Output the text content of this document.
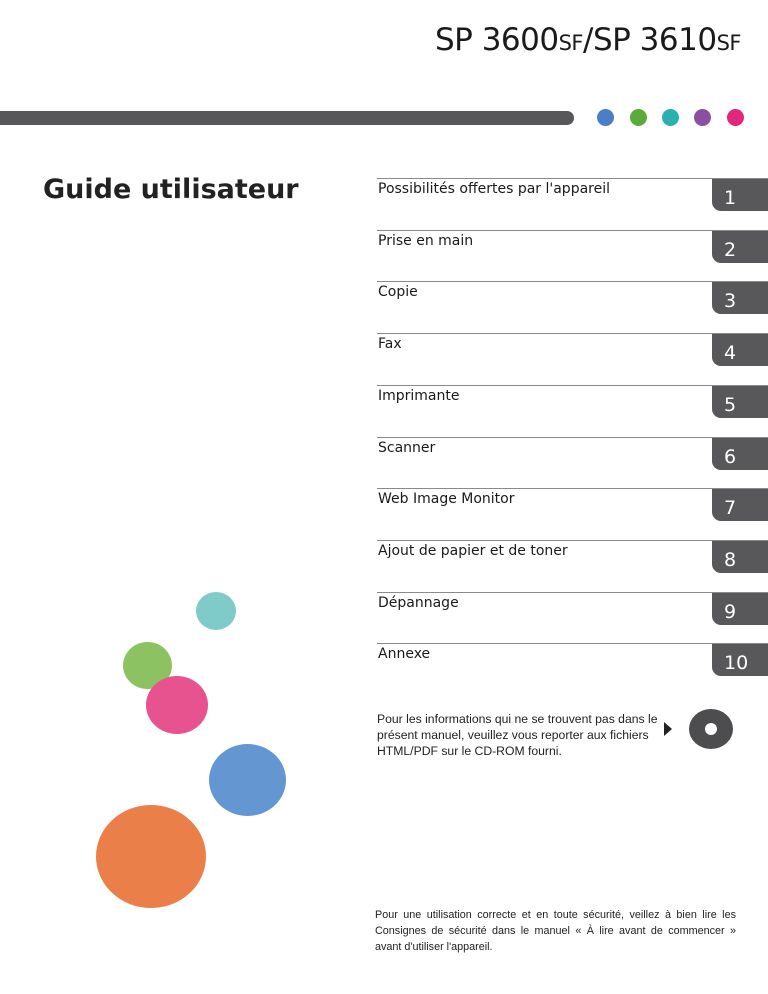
SP 3600SF/SP 3610SF
Guide utilisateur	Possibilités offertes par l'appareil	1
Prise en main	2
Copie	3
Fax	4
Imprimante	5
Scanner	6
Web Image Monitor	7
Ajout de papier et de toner	8
Dépannage	9
Annexe	10
Pour les informations qui ne se trouvent pas dans le présent manuel, veuillez vous reporter aux fichiers HTML/PDF sur le CD-ROM fourni.
Pour une utilisation correcte et en toute sécurité, veillez à bien lire les Consignes de sécurité dans le manuel « À lire avant de commencer » avant d'utiliser l'appareil.
